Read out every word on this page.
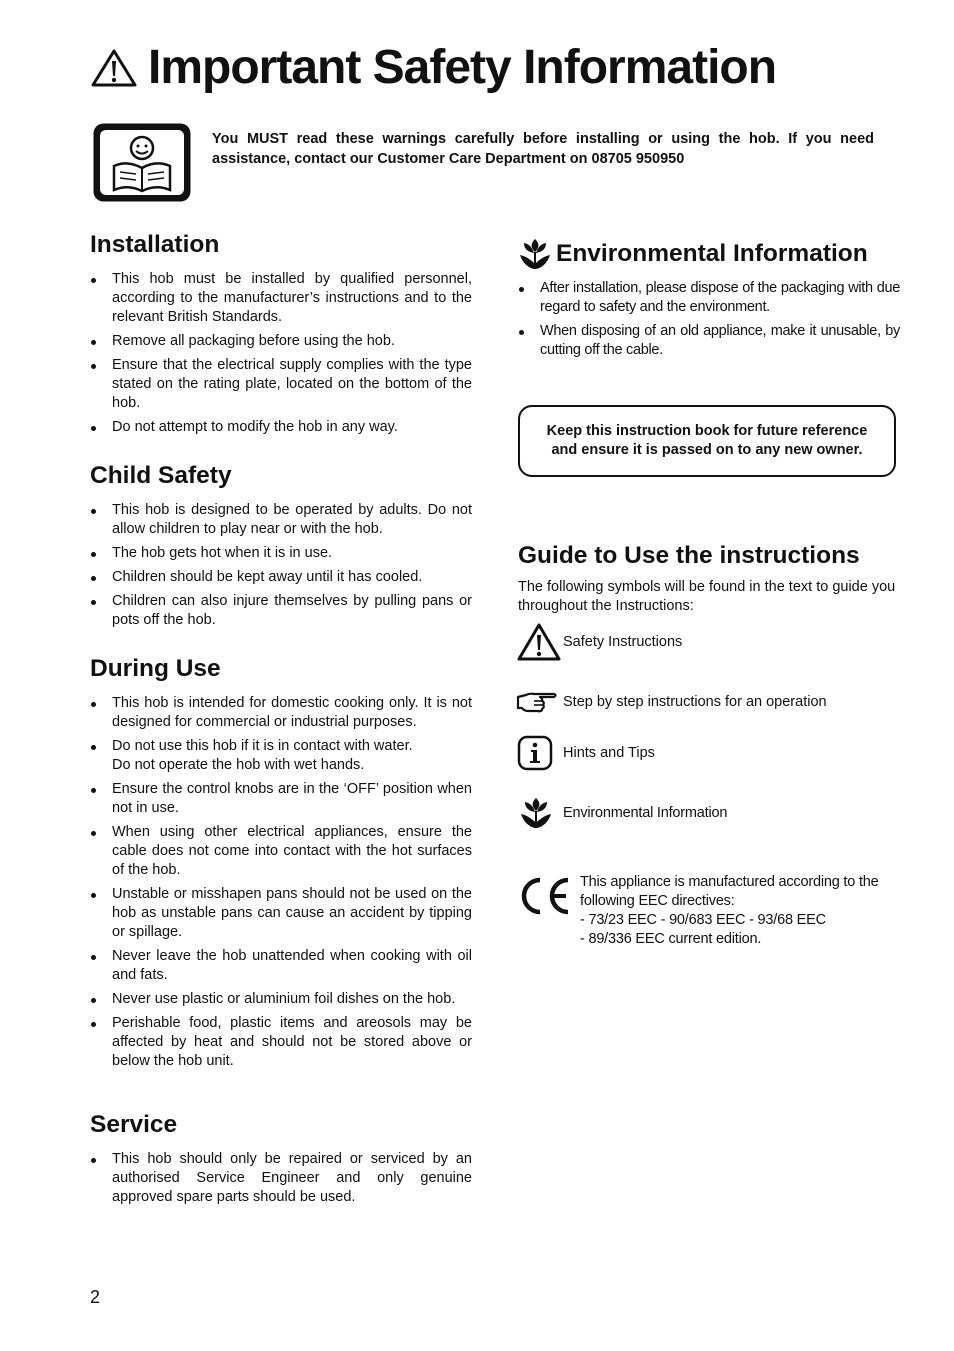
Important Safety Information
You MUST read these warnings carefully before installing or using the hob. If you need assistance, contact our Customer Care Department on 08705 950950
Installation
This hob must be installed by qualified personnel, according to the manufacturer’s instructions and to the relevant British Standards.
Remove all packaging before using the hob.
Ensure that the electrical supply complies with the type stated on the rating plate, located on the bottom of the hob.
Do not attempt to modify the hob in any way.
Child Safety
This hob is designed to be operated by adults. Do not allow children to play near or with the hob.
The hob gets hot when it is in use.
Children should be kept away until it has cooled.
Children can also injure themselves by pulling pans or pots off the hob.
During Use
This hob is intended for domestic cooking only. It is not designed for commercial or industrial purposes.
Do not use this hob if it is in contact with water.
Do not operate the hob with wet hands.
Ensure the control knobs are in the ‘OFF’ position when not in use.
When using other electrical appliances, ensure the cable does not come into contact with the hot surfaces of the hob.
Unstable or misshapen pans should not be used on the hob as unstable pans can cause an accident by tipping or spillage.
Never leave the hob unattended when cooking with oil and fats.
Never use plastic or aluminium foil dishes on the hob.
Perishable food, plastic items and areosols may be affected by heat and should not be stored above or below the hob unit.
Service
This hob should only be repaired or serviced by an authorised Service Engineer and only genuine approved spare parts should be used.
Environmental Information
After installation, please dispose of the packaging with due regard to safety and the environment.
When disposing of an old appliance, make it unusable, by cutting off the cable.
Keep this instruction book for future reference
and ensure it is passed on to any new owner.
Guide to Use the instructions
The following symbols will be found in the text to guide you throughout the Instructions:
Safety Instructions
Step by step instructions for an operation
Hints and Tips
Environmental Information
This appliance is manufactured according to the
following EEC directives:
- 73/23 EEC - 90/683 EEC - 93/68 EEC
- 89/336 EEC current edition.
2
